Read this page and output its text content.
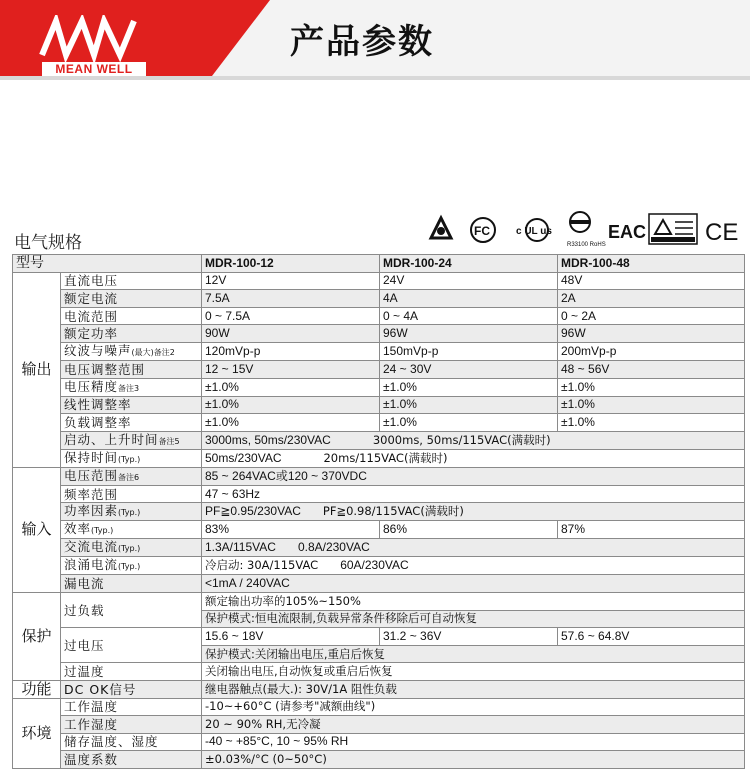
MEAN WELL
产品参数
电气规格
FC	c UL us
R33100 RoHS
EAC CE
型号		MDR-100-12	MDR-100-24	MDR-100-48
输出	直流电压	12V	24V	48V
	额定电流	7.5A	4A	2A
	电流范围	0 ~ 7.5A	0 ~ 4A	0 ~ 2A
	额定功率	90W	96W	96W
	纹波与噪声(最大)备注2	120mVp-p	150mVp-p	200mVp-p
	电压调整范围	12 ~ 15V	24 ~ 30V	48 ~ 56V
	电压精度备注3	±1.0%	±1.0%	±1.0%
	线性调整率	±1.0%	±1.0%	±1.0%
	负载调整率	±1.0%	±1.0%	±1.0%
	启动、上升时间备注5	3000ms, 50ms/230VAC 3000ms, 50ms/115VAC(满载时)		
	保持时间(Typ.)	50ms/230VAC 20ms/115VAC(满载时)		
输入	电压范围备注6	85 ~ 264VAC或120 ~ 370VDC		
	频率范围	47 ~ 63Hz		
	功率因素(Typ.)	PF≧0.95/230VAC PF≧0.98/115VAC(满载时)		
	效率(Typ.)	83%	86%	87%
	交流电流(Typ.)	1.3A/115VAC 0.8A/230VAC		
	浪涌电流(Typ.)	冷启动: 30A/115VAC 60A/230VAC		
	漏电流	<1mA / 240VAC		
保护	过负载	额定输出功率的105%~150%		
		保护模式:恒电流限制,负载异常条件移除后可自动恢复		
	过电压	15.6 ~ 18V	31.2 ~ 36V	57.6 ~ 64.8V
		保护模式:关闭输出电压,重启后恢复		
	过温度	关闭输出电压,自动恢复或重启后恢复		
功能	DC OK信号	继电器触点(最大.): 30V/1A 阻性负载		
环境	工作温度	-10~+60°C (请参考"减额曲线")		
	工作湿度	20 ~ 90% RH,无冷凝		
	储存温度、湿度	-40 ~ +85°C, 10 ~ 95% RH		
	温度系数	±0.03%/°C (0~50°C)		
